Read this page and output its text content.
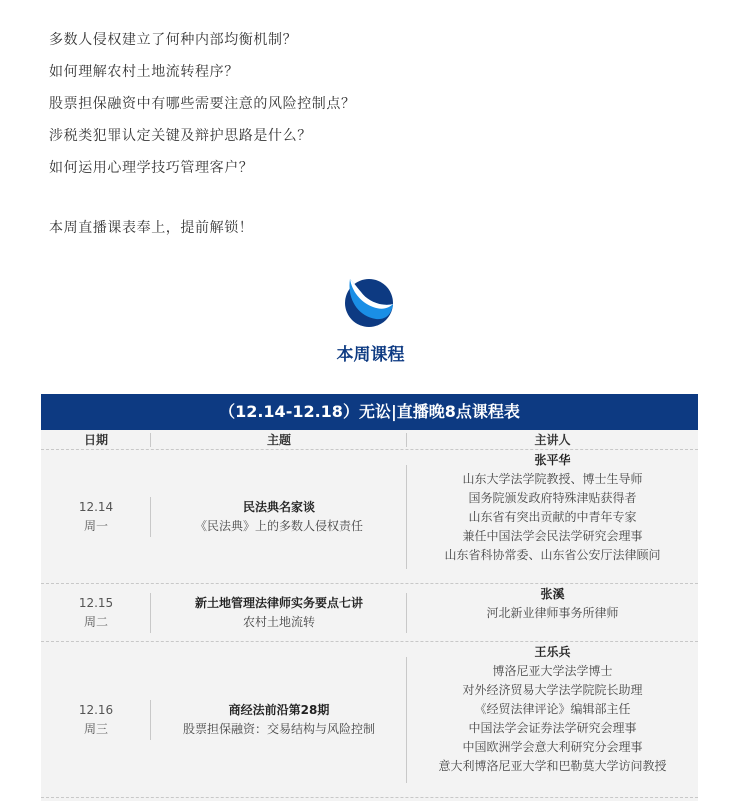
多数人侵权建立了何种内部均衡机制？
如何理解农村土地流转程序？
股票担保融资中有哪些需要注意的风险控制点？
涉税类犯罪认定关键及辩护思路是什么？
如何运用心理学技巧管理客户？
本周直播课表奉上，提前解锁！
本周课程
（12.14-12.18）无讼|直播晚8点课程表
日期	主题	主讲人
12.14
周一
民法典名家谈
《民法典》上的多数人侵权责任
张平华
山东大学法学院教授、博士生导师
国务院颁发政府特殊津贴获得者
山东省有突出贡献的中青年专家
兼任中国法学会民法学研究会理事
山东省科协常委、山东省公安厅法律顾问
12.15
周二
新土地管理法律师实务要点七讲
农村土地流转
张溪
河北新业律师事务所律师
12.16
周三
商经法前沿第28期
股票担保融资：交易结构与风险控制
王乐兵
博洛尼亚大学法学博士
对外经济贸易大学法学院院长助理
《经贸法律评论》编辑部主任
中国法学会证券法学研究会理事
中国欧洲学会意大利研究分会理事
意大利博洛尼亚大学和巴勒莫大学访问教授
